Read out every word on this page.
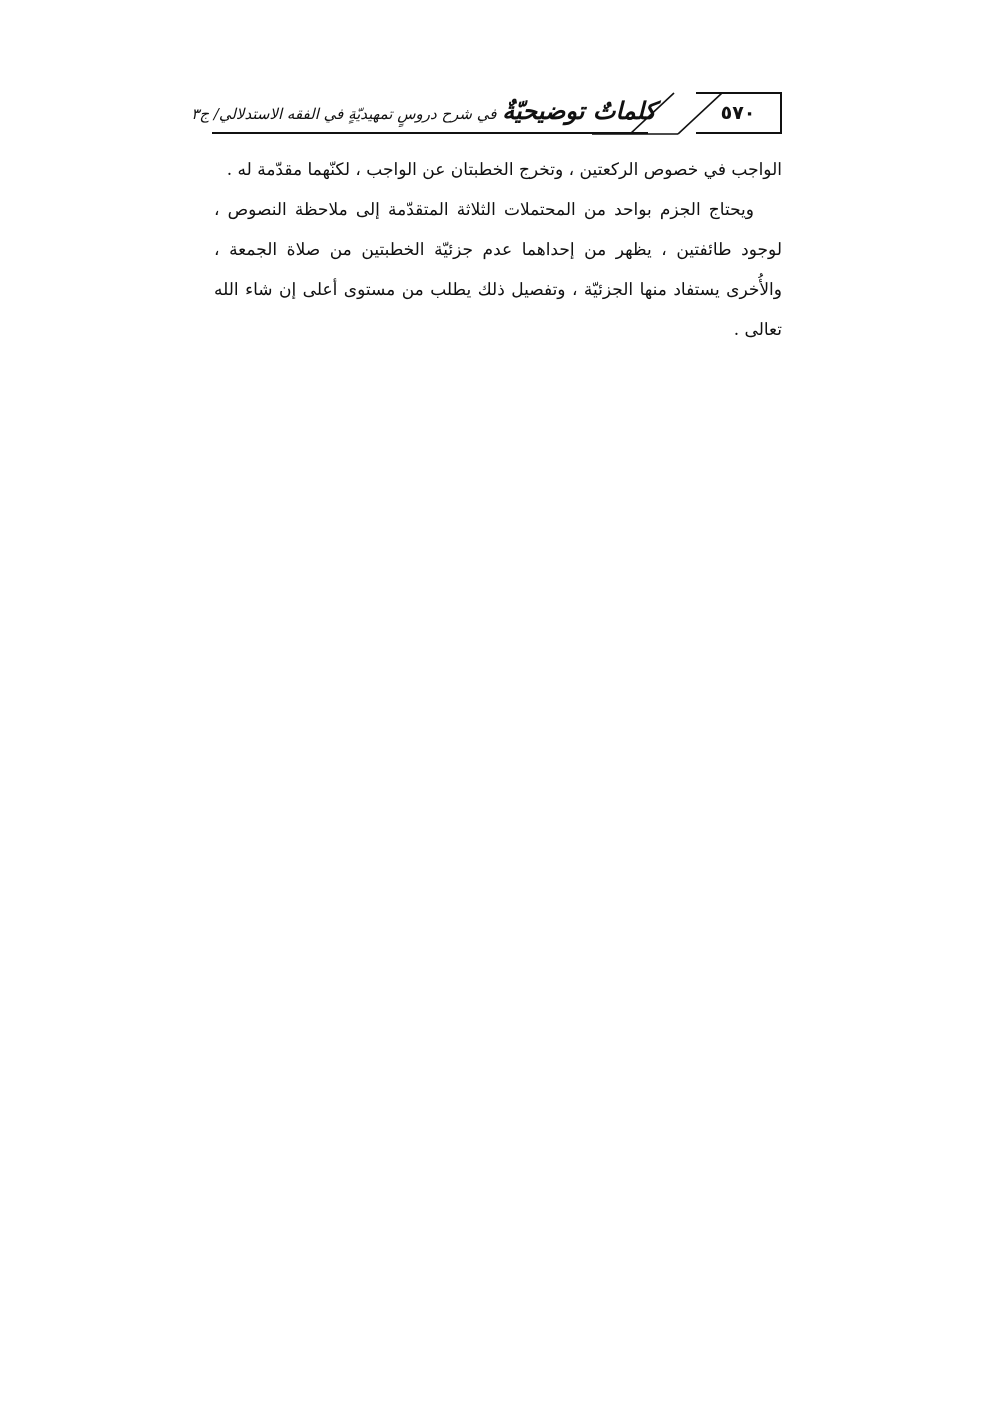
٥٧٠
كلماتٌ توضيحيّةٌ في شرح دروسٍ تمهيديّةٍ في الفقه الاستدلالي/ ج٣

الواجب في خصوص الركعتين ، وتخرج الخطبتان عن الواجب ، لكنّهما مقدّمة له .

ويحتاج الجزم بواحد من المحتملات الثلاثة المتقدّمة إلى ملاحظة النصوص ، لوجود طائفتين ، يظهر من إحداهما عدم جزئيّة الخطبتين من صلاة الجمعة ، والأُخرى يستفاد منها الجزئيّة ، وتفصيل ذلك يطلب من مستوى أعلى إن شاء الله تعالى .
